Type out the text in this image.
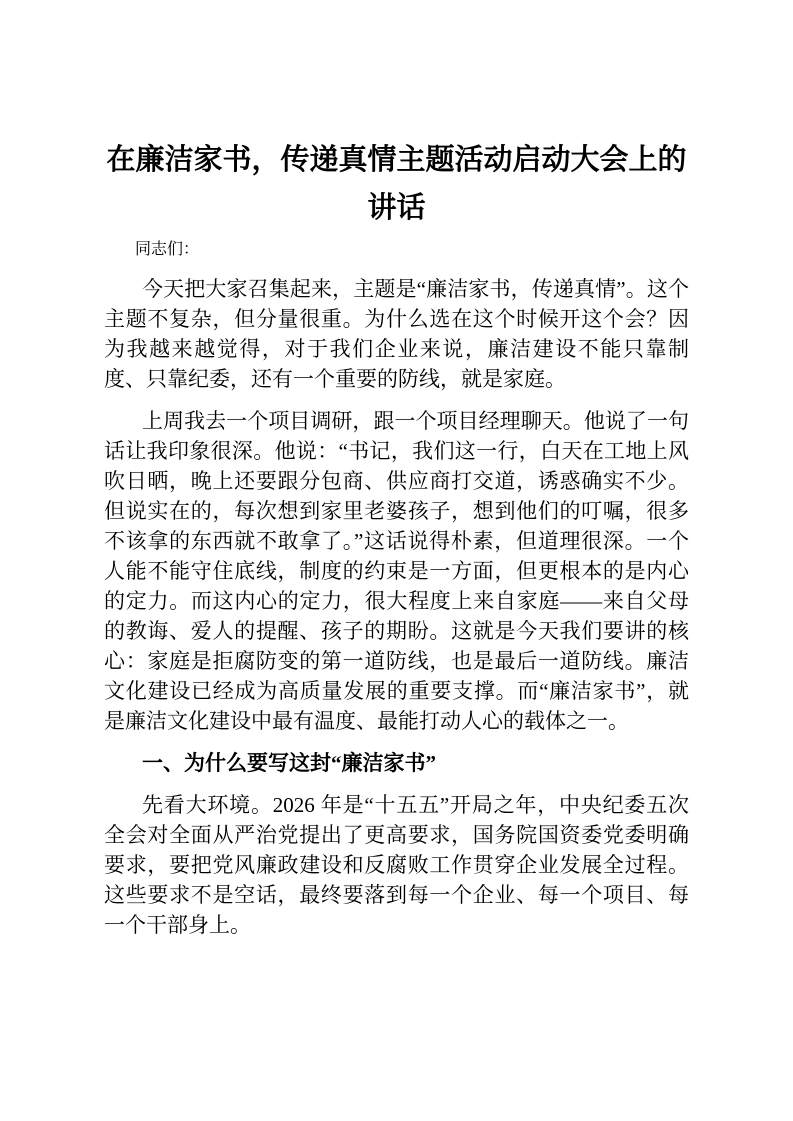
在廉洁家书，传递真情主题活动启动大会上的
讲话

同志们：

今天把大家召集起来，主题是“廉洁家书，传递真情”。这个主题不复杂，但分量很重。为什么选在这个时候开这个会？因为我越来越觉得，对于我们企业来说，廉洁建设不能只靠制度、只靠纪委，还有一个重要的防线，就是家庭。

上周我去一个项目调研，跟一个项目经理聊天。他说了一句话让我印象很深。他说：“书记，我们这一行，白天在工地上风吹日晒，晚上还要跟分包商、供应商打交道，诱惑确实不少。但说实在的，每次想到家里老婆孩子，想到他们的叮嘱，很多不该拿的东西就不敢拿了。”这话说得朴素，但道理很深。一个人能不能守住底线，制度的约束是一方面，但更根本的是内心的定力。而这内心的定力，很大程度上来自家庭——来自父母的教诲、爱人的提醒、孩子的期盼。这就是今天我们要讲的核心：家庭是拒腐防变的第一道防线，也是最后一道防线。廉洁文化建设已经成为高质量发展的重要支撑。而“廉洁家书”，就是廉洁文化建设中最有温度、最能打动人心的载体之一。

一、为什么要写这封“廉洁家书”

先看大环境。2026 年是“十五五”开局之年，中央纪委五次全会对全面从严治党提出了更高要求，国务院国资委党委明确要求，要把党风廉政建设和反腐败工作贯穿企业发展全过程。这些要求不是空话，最终要落到每一个企业、每一个项目、每一个干部身上。
